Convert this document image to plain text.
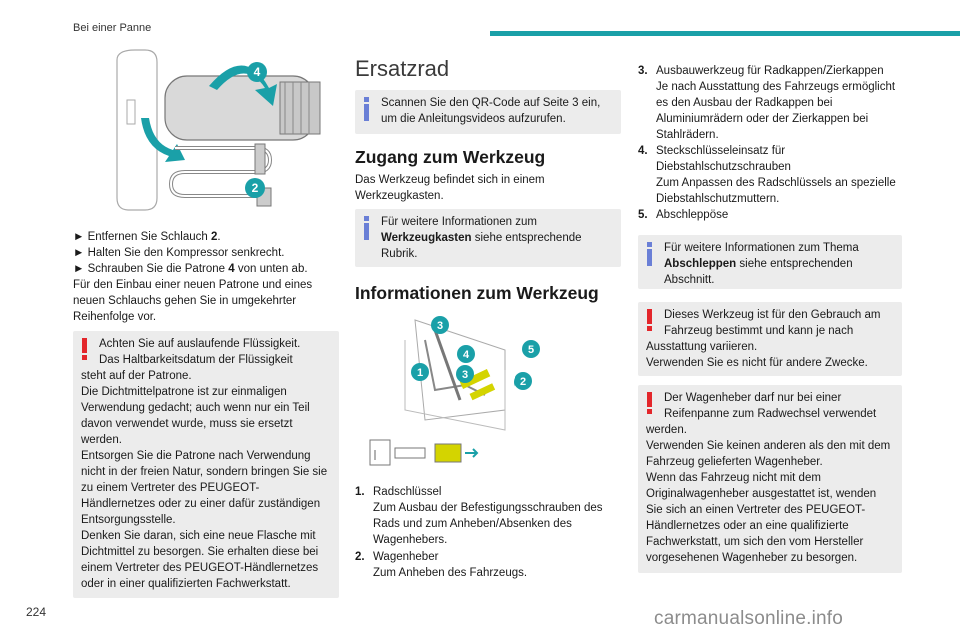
Bei einer Panne
4
2
► Entfernen Sie Schlauch 2.
► Halten Sie den Kompressor senkrecht.
► Schrauben Sie die Patrone 4 von unten ab.
Für den Einbau einer neuen Patrone und eines neuen Schlauchs gehen Sie in umgekehrter Reihenfolge vor.
Achten Sie auf auslaufende Flüssigkeit.
Das Haltbarkeitsdatum der Flüssigkeit
steht auf der Patrone.
Die Dichtmittelpatrone ist zur einmaligen Verwendung gedacht; auch wenn nur ein Teil davon verwendet wurde, muss sie ersetzt werden.
Entsorgen Sie die Patrone nach Verwendung nicht in der freien Natur, sondern bringen Sie sie zu einem Vertreter des PEUGEOT-Händlernetzes oder zu einer dafür zuständigen Entsorgungsstelle.
Denken Sie daran, sich eine neue Flasche mit Dichtmittel zu besorgen. Sie erhalten diese bei einem Vertreter des PEUGEOT-Händlernetzes oder in einer qualifizierten Fachwerkstatt.
Ersatzrad
Scannen Sie den QR-Code auf Seite 3 ein, um die Anleitungsvideos aufzurufen.
Zugang zum Werkzeug
Das Werkzeug befindet sich in einem Werkzeugkasten.
Für weitere Informationen zum
Werkzeugkasten siehe entsprechende Rubrik.
Informationen zum Werkzeug
3
4
1	3
5
2
1. Radschlüssel
Zum Ausbau der Befestigungsschrauben des Rads und zum Anheben/Absenken des Wagenhebers.
2. Wagenheber
Zum Anheben des Fahrzeugs.
3. Ausbauwerkzeug für Radkappen/Zierkappen
Je nach Ausstattung des Fahrzeugs ermöglicht es den Ausbau der Radkappen bei Aluminiumrädern oder der Zierkappen bei Stahlrädern.
4. Steckschlüsseleinsatz für Diebstahlschutzschrauben
Zum Anpassen des Radschlüssels an spezielle Diebstahlschutzmuttern.
5. Abschleppöse
Für weitere Informationen zum Thema
Abschleppen siehe entsprechenden Abschnitt.
Dieses Werkzeug ist für den Gebrauch am
Fahrzeug bestimmt und kann je nach
Ausstattung variieren.
Verwenden Sie es nicht für andere Zwecke.
Der Wagenheber darf nur bei einer
Reifenpanne zum Radwechsel verwendet
werden.
Verwenden Sie keinen anderen als den mit dem Fahrzeug gelieferten Wagenheber.
Wenn das Fahrzeug nicht mit dem Originalwagenheber ausgestattet ist, wenden Sie sich an einen Vertreter des PEUGEOT-Händlernetzes oder an eine qualifizierte Fachwerkstatt, um sich den vom Hersteller vorgesehenen Wagenheber zu besorgen.
224	carmanualsonline.info
